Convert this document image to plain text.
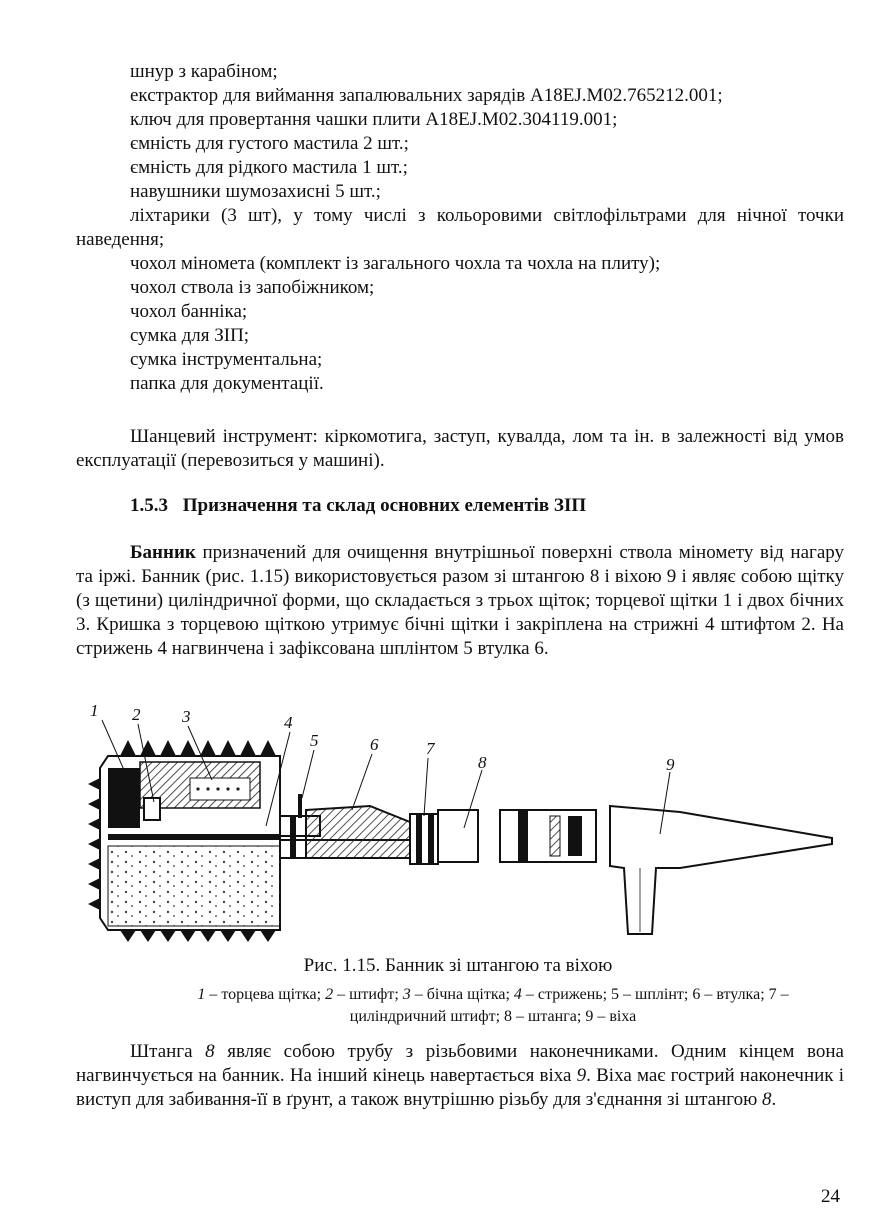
шнур з карабіном;

екстрактор для виймання запалювальних зарядів А18ЕJ.М02.765212.001;

ключ для провертання чашки плити А18ЕJ.М02.304119.001;

ємність для густого мастила 2 шт.;

ємність для рідкого мастила 1 шт.;

навушники шумозахисні 5 шт.;

ліхтарики (3 шт), у тому числі з кольоровими світлофільтрами для нічної точки наведення;

чохол міномета (комплект із загального чохла та чохла на плиту);

чохол ствола із запобіжником;

чохол банніка;

сумка для ЗІП;

сумка інструментальна;

папка для документації.

Шанцевий інструмент: кіркомотига, заступ, кувалда, лом та ін. в залежності від умов експлуатації (перевозиться у машині).

1.5.3 Призначення та склад основних елементів ЗІП

Банник призначений для очищення внутрішньої поверхні ствола міномету від нагару та іржі. Банник (рис. 1.15) використовується разом зі штангою 8 і віхою 9 і являє собою щітку (з щетини) циліндричної форми, що складається з трьох щіток; торцевої щітки 1 і двох бічних 3. Кришка з торцевою щіткою утримує бічні щітки і закріплена на стрижні 4 штифтом 2. На стрижень 4 нагвинчена і зафіксована шплінтом 5 втулка 6.

1 2 3	4
5	6	7
8	9

Рис. 1.15. Банник зі штангою та віхою

1 – торцева щітка; 2 – штифт; 3 – бічна щітка; 4 – стрижень; 5 – шплінт; 6 – втулка; 7 –
циліндричний штифт; 8 – штанга; 9 – віха

Штанга 8 являє собою трубу з різьбовими наконечниками. Одним кінцем вона нагвинчується на банник. На інший кінець навертається віха 9. Віха має гострий наконечник і виступ для забивання-її в ґрунт, а також внутрішню різьбу для з'єднання зі штангою 8.

24
